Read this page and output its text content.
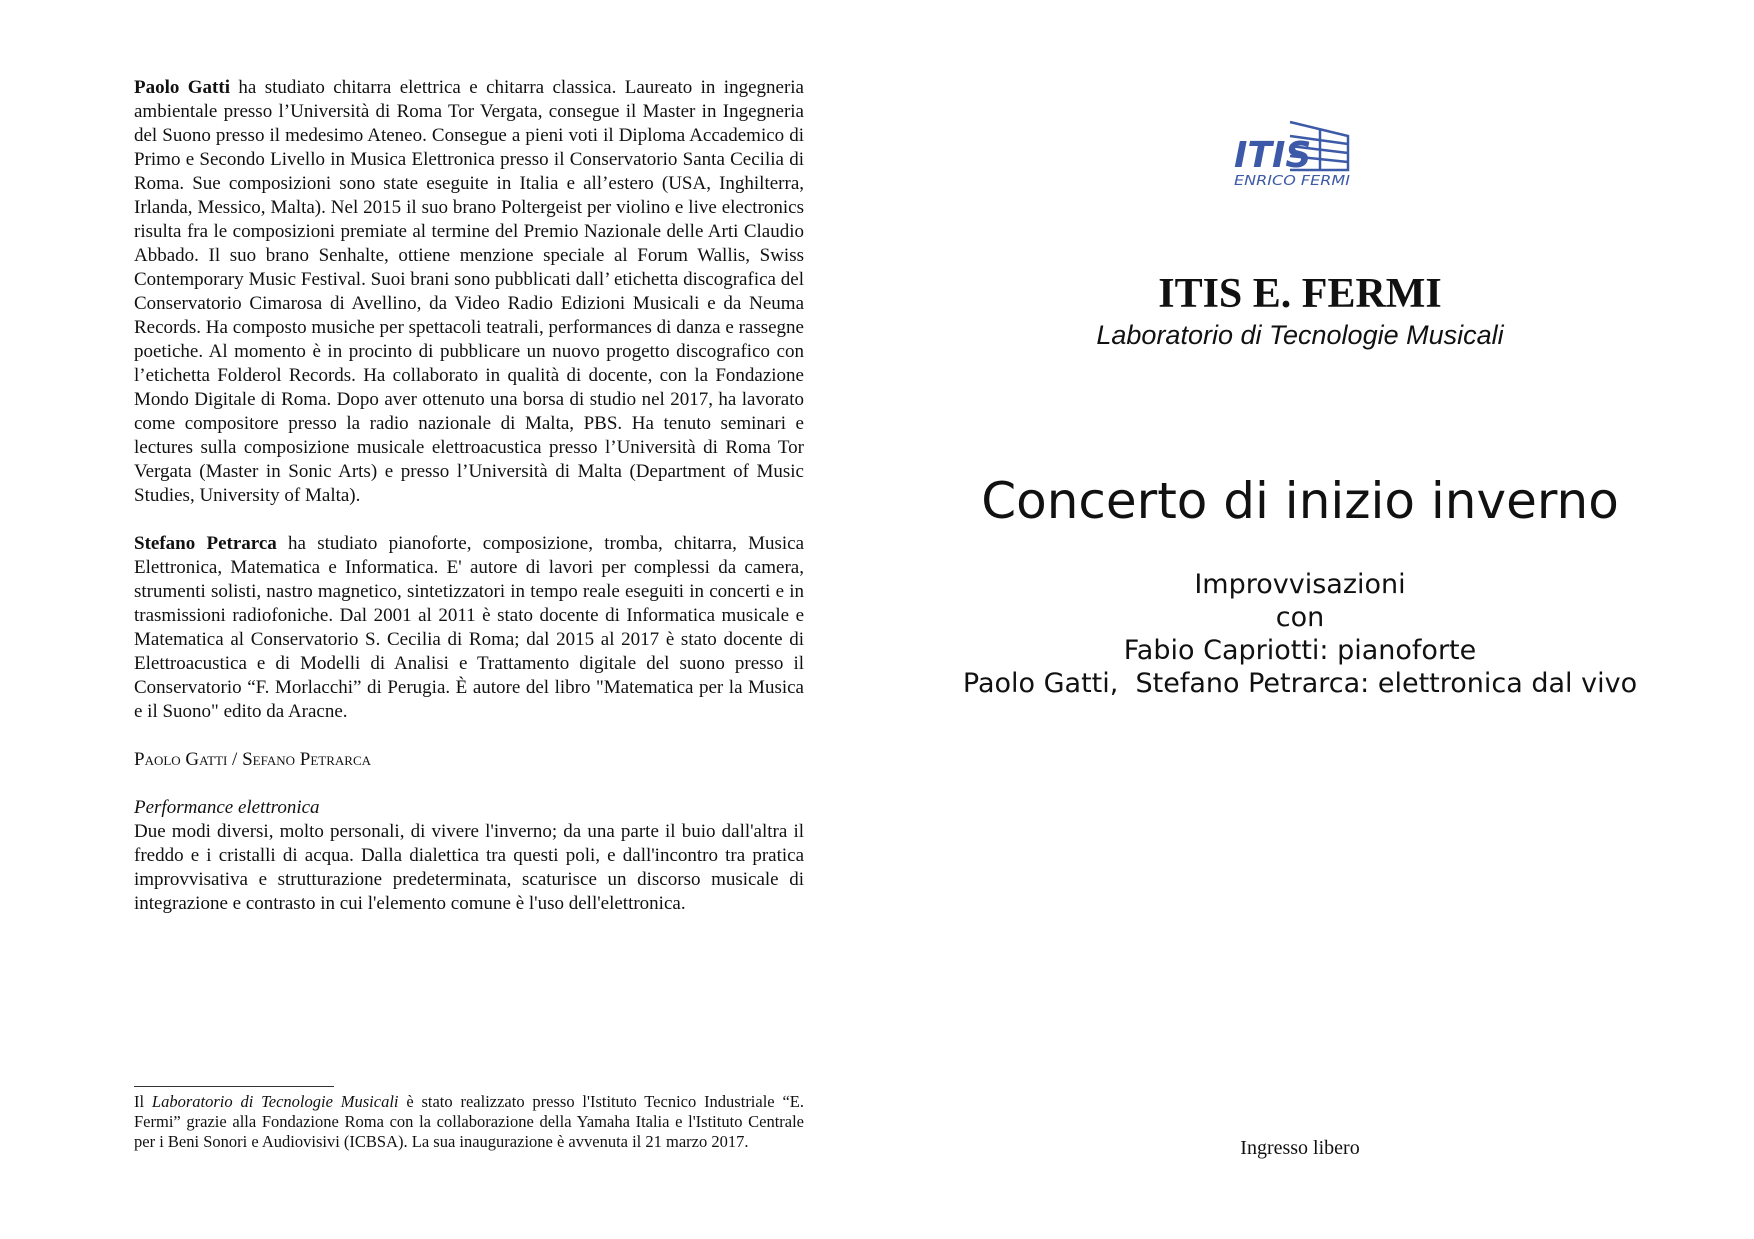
Paolo Gatti ha studiato chitarra elettrica e chitarra classica. Laureato in ingegneria ambientale presso l’Università di Roma Tor Vergata, consegue il Master in Ingegneria del Suono presso il medesimo Ateneo. Consegue a pieni voti il Diploma Accademico di Primo e Secondo Livello in Musica Elettronica presso il Conservatorio Santa Cecilia di Roma. Sue composizioni sono state eseguite in Italia e all’estero (USA, Inghilterra, Irlanda, Messico, Malta). Nel 2015 il suo brano Poltergeist per violino e live electronics risulta fra le composizioni premiate al termine del Premio Nazionale delle Arti Claudio Abbado. Il suo brano Senhalte, ottiene menzione speciale al Forum Wallis, Swiss Contemporary Music Festival. Suoi brani sono pubblicati dall’ etichetta discografica del Conservatorio Cimarosa di Avellino, da Video Radio Edizioni Musicali e da Neuma Records. Ha composto musiche per spettacoli teatrali, performances di danza e rassegne poetiche. Al momento è in procinto di pubblicare un nuovo progetto discografico con l’etichetta Folderol Records. Ha collaborato in qualità di docente, con la Fondazione Mondo Digitale di Roma. Dopo aver ottenuto una borsa di studio nel 2017, ha lavorato come compositore presso la radio nazionale di Malta, PBS. Ha tenuto seminari e lectures sulla composizione musicale elettroacustica presso l’Università di Roma Tor Vergata (Master in Sonic Arts) e presso l’Università di Malta (Department of Music Studies, University of Malta).

Stefano Petrarca ha studiato pianoforte, composizione, tromba, chitarra, Musica Elettronica, Matematica e Informatica. E' autore di lavori per complessi da camera, strumenti solisti, nastro magnetico, sintetizzatori in tempo reale eseguiti in concerti e in trasmissioni radiofoniche. Dal 2001 al 2011 è stato docente di Informatica musicale e Matematica al Conservatorio S. Cecilia di Roma; dal 2015 al 2017 è stato docente di Elettroacustica e di Modelli di Analisi e Trattamento digitale del suono presso il Conservatorio “F. Morlacchi” di Perugia. È autore del libro "Matematica per la Musica e il Suono" edito da Aracne.

Paolo Gatti / Sefano Petrarca

Performance elettronica

Due modi diversi, molto personali, di vivere l'inverno; da una parte il buio dall'altra il freddo e i cristalli di acqua. Dalla dialettica tra questi poli, e dall'incontro tra pratica improvvisativa e strutturazione predeterminata, scaturisce un discorso musicale di integrazione e contrasto in cui l'elemento comune è l'uso dell'elettronica.

Il Laboratorio di Tecnologie Musicali è stato realizzato presso l'Istituto Tecnico Industriale “E. Fermi” grazie alla Fondazione Roma con la collaborazione della Yamaha Italia e l'Istituto Centrale per i Beni Sonori e Audiovisivi (ICBSA). La sua inaugurazione è avvenuta il 21 marzo 2017.

ITIS
ENRICO FERMI
ITIS E. FERMI
Laboratorio di Tecnologie Musicali
Concerto di inizio inverno
Improvvisazioni
con
Fabio Capriotti: pianoforte
Paolo Gatti,  Stefano Petrarca: elettronica dal vivo
Ingresso libero
